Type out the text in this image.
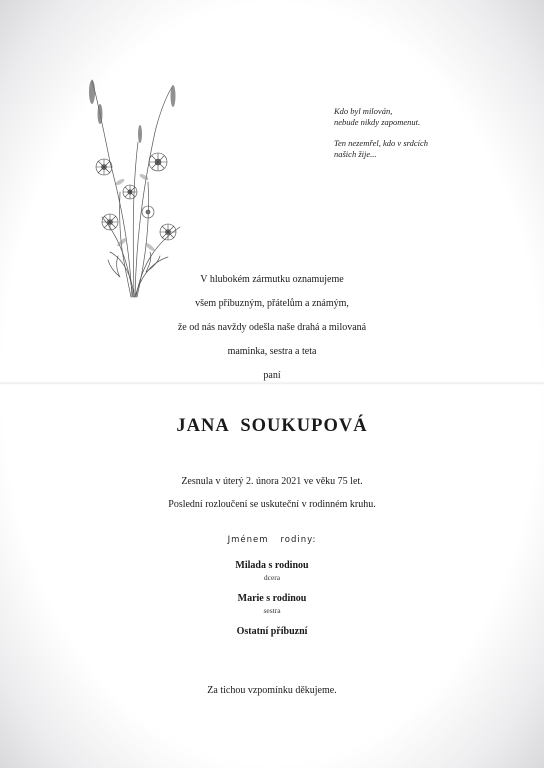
Kdo byl milován,
nebude nikdy zapomenut.
Ten nezemřel, kdo v srdcích
našich žije...
V hlubokém zármutku oznamujeme
všem příbuzným, přátelům a známým,
že od nás navždy odešla naše drahá a milovaná
maminka, sestra a teta
paní
JANA SOUKUPOVÁ
Zesnula v úterý 2. února 2021 ve věku 75 let.
Poslední rozloučení se uskuteční v rodinném kruhu.
Jménem rodiny:
Milada s rodinou
dcera
Marie s rodinou
sestra
Ostatní příbuzní
Za tichou vzpomínku děkujeme.
